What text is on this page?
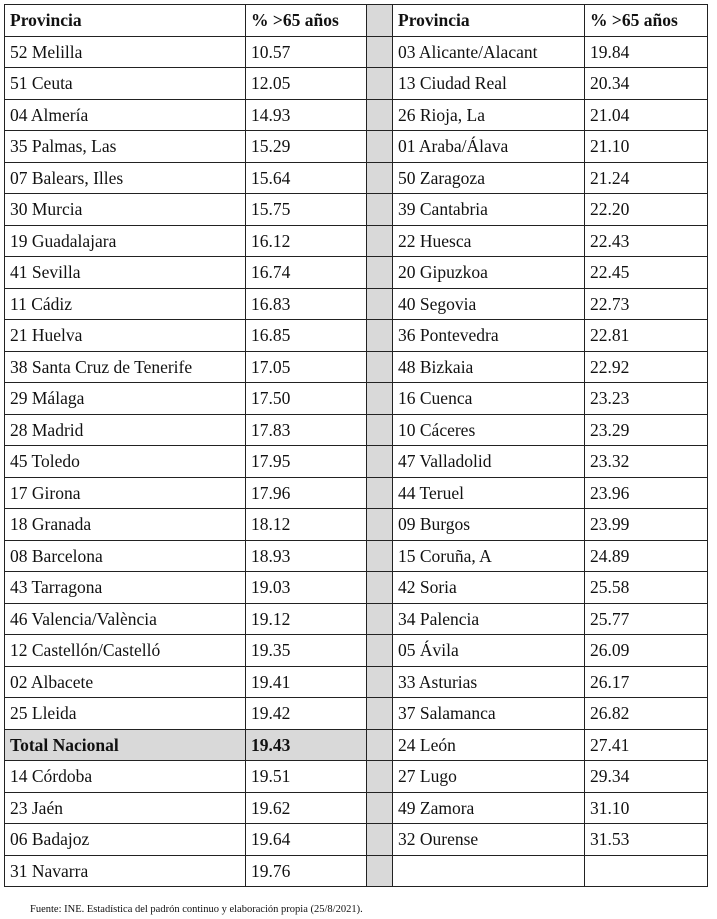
Provincia	% >65 años		Provincia	% >65 años
52 Melilla	10.57		03 Alicante/Alacant	19.84
51 Ceuta	12.05		13 Ciudad Real	20.34
04 Almería	14.93		26 Rioja, La	21.04
35 Palmas, Las	15.29		01 Araba/Álava	21.10
07 Balears, Illes	15.64		50 Zaragoza	21.24
30 Murcia	15.75		39 Cantabria	22.20
19 Guadalajara	16.12		22 Huesca	22.43
41 Sevilla	16.74		20 Gipuzkoa	22.45
11 Cádiz	16.83		40 Segovia	22.73
21 Huelva	16.85		36 Pontevedra	22.81
38 Santa Cruz de Tenerife	17.05		48 Bizkaia	22.92
29 Málaga	17.50		16 Cuenca	23.23
28 Madrid	17.83		10 Cáceres	23.29
45 Toledo	17.95		47 Valladolid	23.32
17 Girona	17.96		44 Teruel	23.96
18 Granada	18.12		09 Burgos	23.99
08 Barcelona	18.93		15 Coruña, A	24.89
43 Tarragona	19.03		42 Soria	25.58
46 Valencia/València	19.12		34 Palencia	25.77
12 Castellón/Castelló	19.35		05 Ávila	26.09
02 Albacete	19.41		33 Asturias	26.17
25 Lleida	19.42		37 Salamanca	26.82
Total Nacional	19.43		24 León	27.41
14 Córdoba	19.51		27 Lugo	29.34
23 Jaén	19.62		49 Zamora	31.10
06 Badajoz	19.64		32 Ourense	31.53
31 Navarra	19.76			
Fuente: INE. Estadística del padrón continuo y elaboración propia (25/8/2021).
